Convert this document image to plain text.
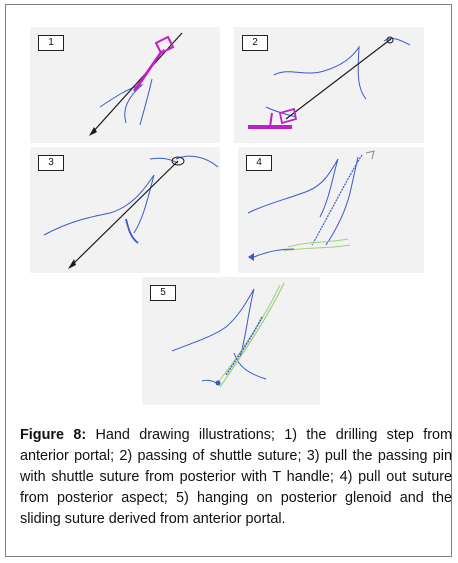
1	2
3	4
5
Figure 8: Hand drawing illustrations; 1) the drilling step from anterior portal; 2) passing of shuttle suture; 3) pull the passing pin with shuttle suture from posterior with T handle; 4) pull out suture from posterior aspect; 5) hanging on posterior glenoid and the sliding suture derived from anterior portal.
